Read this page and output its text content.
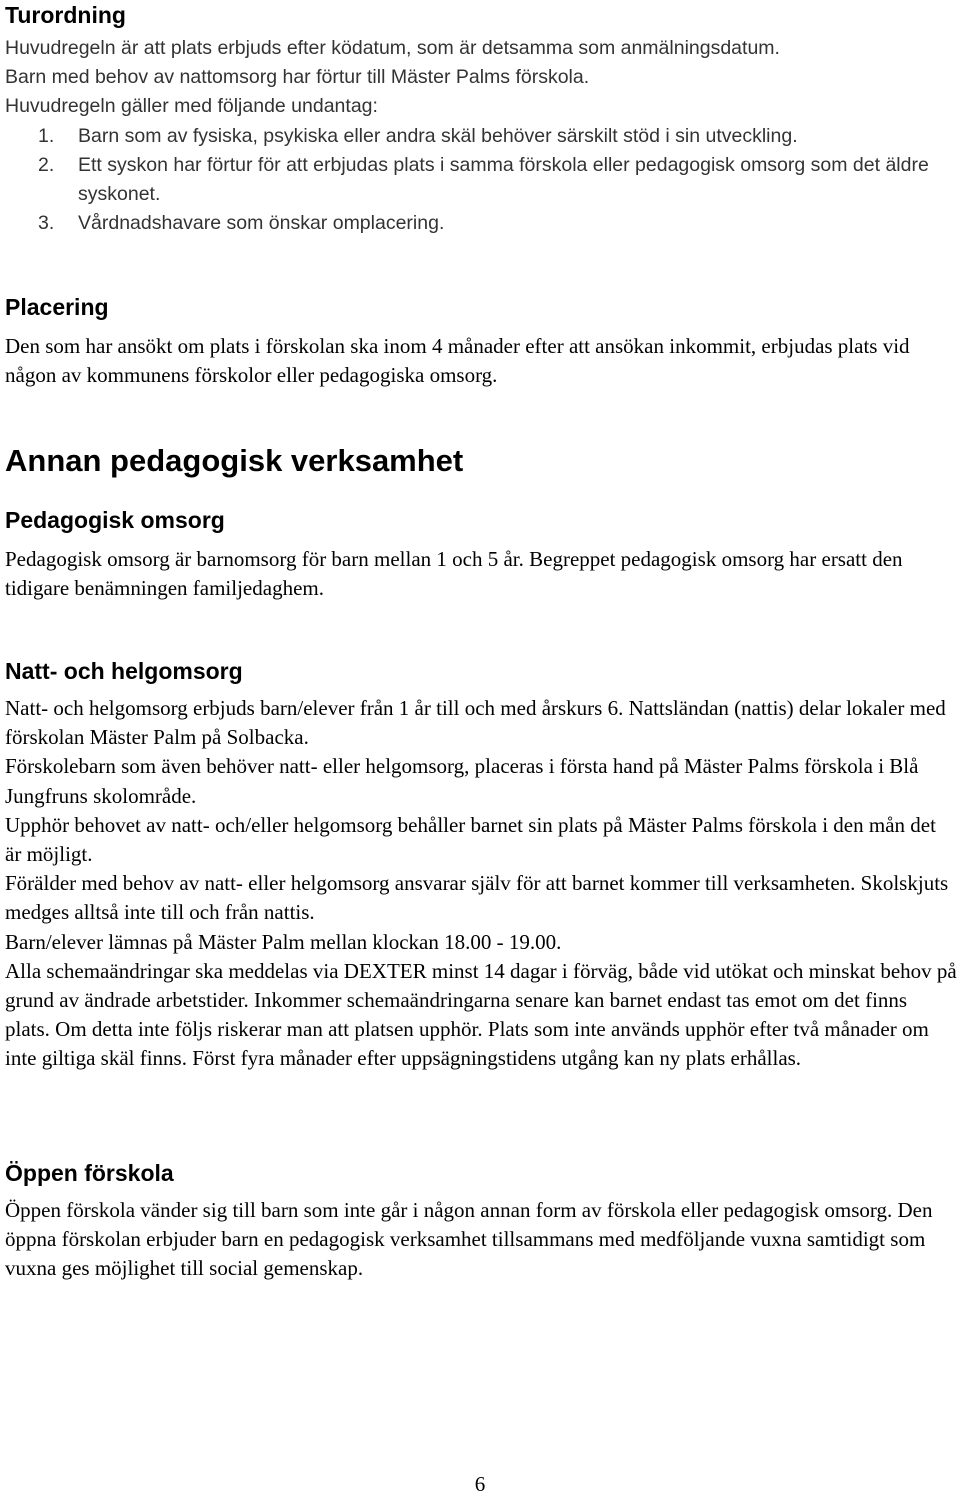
Turordning

Huvudregeln är att plats erbjuds efter ködatum, som är detsamma som anmälningsdatum.

Barn med behov av nattomsorg har förtur till Mäster Palms förskola.

Huvudregeln gäller med följande undantag:

1. Barn som av fysiska, psykiska eller andra skäl behöver särskilt stöd i sin utveckling.
2. Ett syskon har förtur för att erbjudas plats i samma förskola eller pedagogisk omsorg som det äldre syskonet.
3. Vårdnadshavare som önskar omplacering.
Placering

Den som har ansökt om plats i förskolan ska inom 4 månader efter att ansökan inkommit, erbjudas plats vid någon av kommunens förskolor eller pedagogiska omsorg.

Annan pedagogisk verksamhet
Pedagogisk omsorg

Pedagogisk omsorg är barnomsorg för barn mellan 1 och 5 år. Begreppet pedagogisk omsorg har ersatt den tidigare benämningen familjedaghem.

Natt- och helgomsorg

Natt- och helgomsorg erbjuds barn/elever från 1 år till och med årskurs 6. Nattsländan (nattis) delar lokaler med förskolan Mäster Palm på Solbacka.

Förskolebarn som även behöver natt- eller helgomsorg, placeras i första hand på Mäster Palms förskola i Blå Jungfruns skolområde.

Upphör behovet av natt- och/eller helgomsorg behåller barnet sin plats på Mäster Palms förskola i den mån det är möjligt.

Förälder med behov av natt- eller helgomsorg ansvarar själv för att barnet kommer till verksamheten. Skolskjuts medges alltså inte till och från nattis.

Barn/elever lämnas på Mäster Palm mellan klockan 18.00 - 19.00.

Alla schemaändringar ska meddelas via DEXTER minst 14 dagar i förväg, både vid utökat och minskat behov på grund av ändrade arbetstider. Inkommer schemaändringarna senare kan barnet endast tas emot om det finns plats. Om detta inte följs riskerar man att platsen upphör. Plats som inte används upphör efter två månader om inte giltiga skäl finns. Först fyra månader efter uppsägningstidens utgång kan ny plats erhållas.

Öppen förskola

Öppen förskola vänder sig till barn som inte går i någon annan form av förskola eller pedagogisk omsorg. Den öppna förskolan erbjuder barn en pedagogisk verksamhet tillsammans med medföljande vuxna samtidigt som vuxna ges möjlighet till social gemenskap.

6
